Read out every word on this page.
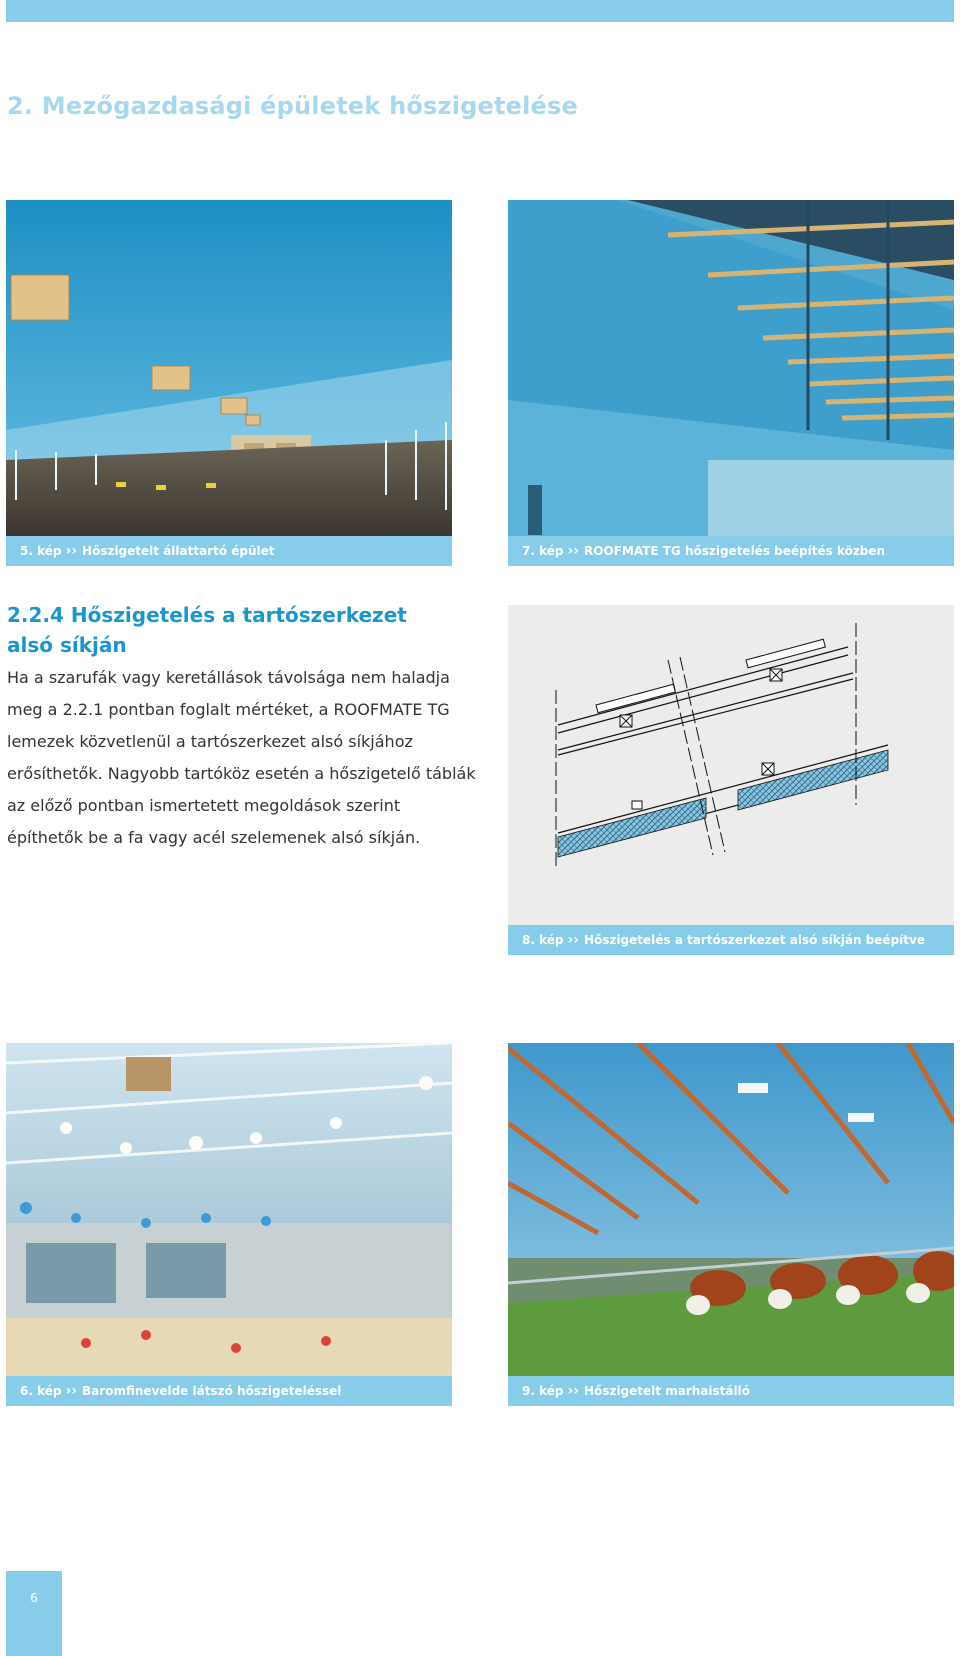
2. Mezőgazdasági épületek hőszigetelése
5. kép ›› Hőszigetelt állattartó épület	7. kép ›› ROOFMATE TG hőszigetelés beépítés közben
2.2.4 Hőszigetelés a tartószerkezet alsó síkján
Ha a szarufák vagy keretállások távolsága nem haladja meg a 2.2.1 pontban foglalt mértéket, a ROOFMATE TG lemezek közvetlenül a tartószerkezet alsó síkjához erősíthetők. Nagyobb tartóköz esetén a hőszigetelő táblák az előző pontban ismertetett megoldások szerint építhetők be a fa vagy acél szelemenek alsó síkján.
8. kép ›› Hőszigetelés a tartószerkezet alsó síkján beépítve
6. kép ›› Baromfinevelde látszó hőszigeteléssel	9. kép ›› Hőszigetelt marhaistálló
6
